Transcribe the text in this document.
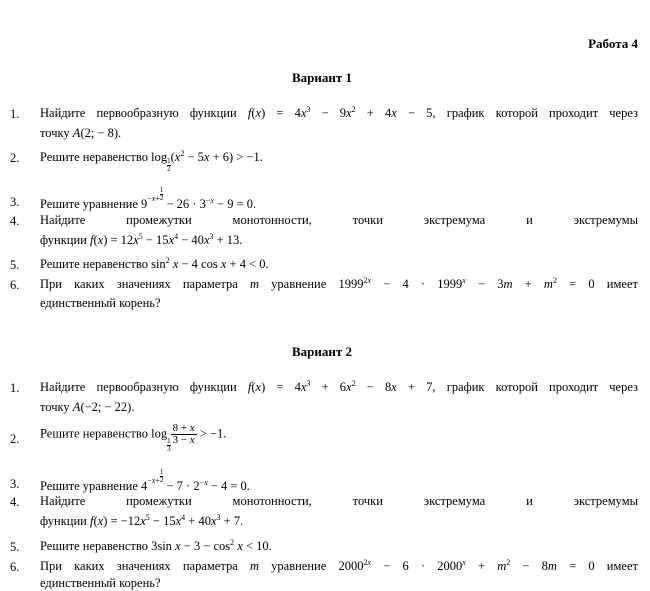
Работа 4
Вариант 1
1. Найдите первообразную функции $f(x) = 4x^3 - 9x^2 + 4x - 5$, график которой проходит через
точку A(2; − 8).
2. Решите неравенство log
$\frac{1}{2}$
$(x^2 - 5x + 6) > -1$.
3. Решите уравнение $9^{-x+ \frac{1}{2}}$
− $26 \cdot 3^{-x} - 9 = 0$.
4. Найдите промежутки монотонности, точки экстремума и экстремумы
функции $f(x) = 12x^5 - 15x^4 - 40x^3 + 13$.
5. Решите неравенство $\sin^2 x - 4$ cos x + 4 < 0.
6. При каких значениях параметра m уравнение $1999^{2x} - 4 \cdot 1999^x - 3m + m^2 = 0$ имеет
единственный корень?
Вариант 2
1. Найдите первообразную функции $f(x) = 4x^3 + 6x^2 - 8x + 7$, график которой проходит через
точку A(−2; − 22).
2. Решите неравенство log
$\frac{1}{3} \frac{8 + x}{3 - x} > -1$.
3. Решите уравнение $4^{-x+ \frac{1}{2}}$
− $7 \cdot 2^{-x} - 4 = 0$.
4. Найдите промежутки монотонности, точки экстремума и экстремумы
функции $f(x) = -12x^5 - 15x^4 + 40x^3 + 7$.
5. Решите неравенство 3sin $x - 3 - \cos^2 x < 10$.
6. При каких значениях параметра m уравнение $2000^{2x} - 6 \cdot 2000^x + m^2 - 8m = 0$ имеет
единственный корень?
